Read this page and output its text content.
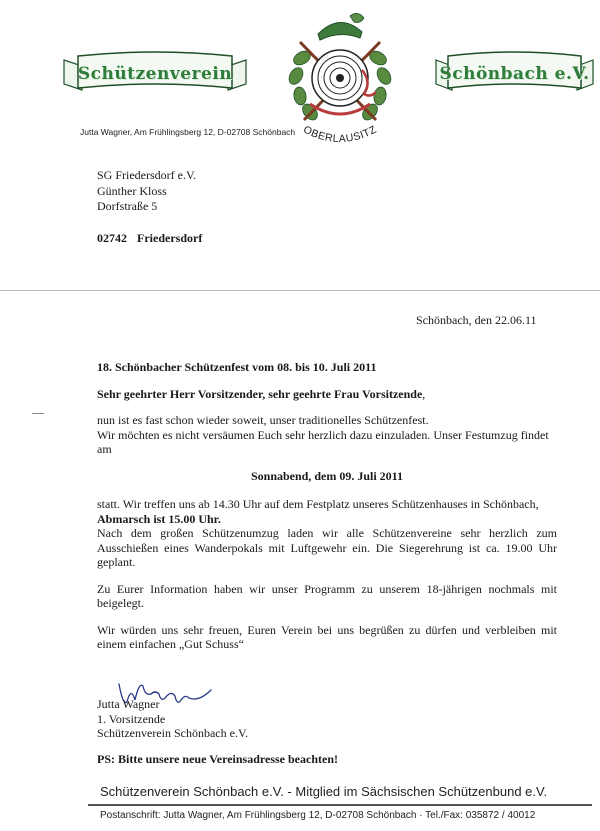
Schützenverein	Schönbach e.V.
OBERLAUSITZ
Jutta Wagner, Am Frühlingsberg 12, D-02708 Schönbach
SG Friedersdorf e.V.
Günther Kloss
Dorfstraße 5
02742 Friedersdorf
Schönbach, den 22.06.11
18. Schönbacher Schützenfest vom 08. bis 10. Juli 2011
Sehr geehrter Herr Vorsitzender, sehr geehrte Frau Vorsitzende,
nun ist es fast schon wieder soweit, unser traditionelles Schützenfest.
Wir möchten es nicht versäumen Euch sehr herzlich dazu einzuladen. Unser Festumzug findet am
Sonnabend, dem 09. Juli 2011
statt. Wir treffen uns ab 14.30 Uhr auf dem Festplatz unseres Schützenhauses in Schönbach,
Abmarsch ist 15.00 Uhr.
Nach dem großen Schützenumzug laden wir alle Schützenvereine sehr herzlich zum Ausschießen eines Wanderpokals mit Luftgewehr ein. Die Siegerehrung ist ca. 19.00 Uhr geplant.
Zu Eurer Information haben wir unser Programm zu unserem 18-jährigen nochmals mit beigelegt.
Wir würden uns sehr freuen, Euren Verein bei uns begrüßen zu dürfen und verbleiben mit einem einfachen „Gut Schuss“
Jutta Wagner
1. Vorsitzende
Schützenverein Schönbach e.V.
PS: Bitte unsere neue Vereinsadresse beachten!
Schützenverein Schönbach e.V. - Mitglied im Sächsischen Schützenbund e.V.
Postanschrift: Jutta Wagner, Am Frühlingsberg 12, D-02708 Schönbach · Tel./Fax: 035872 / 40012
